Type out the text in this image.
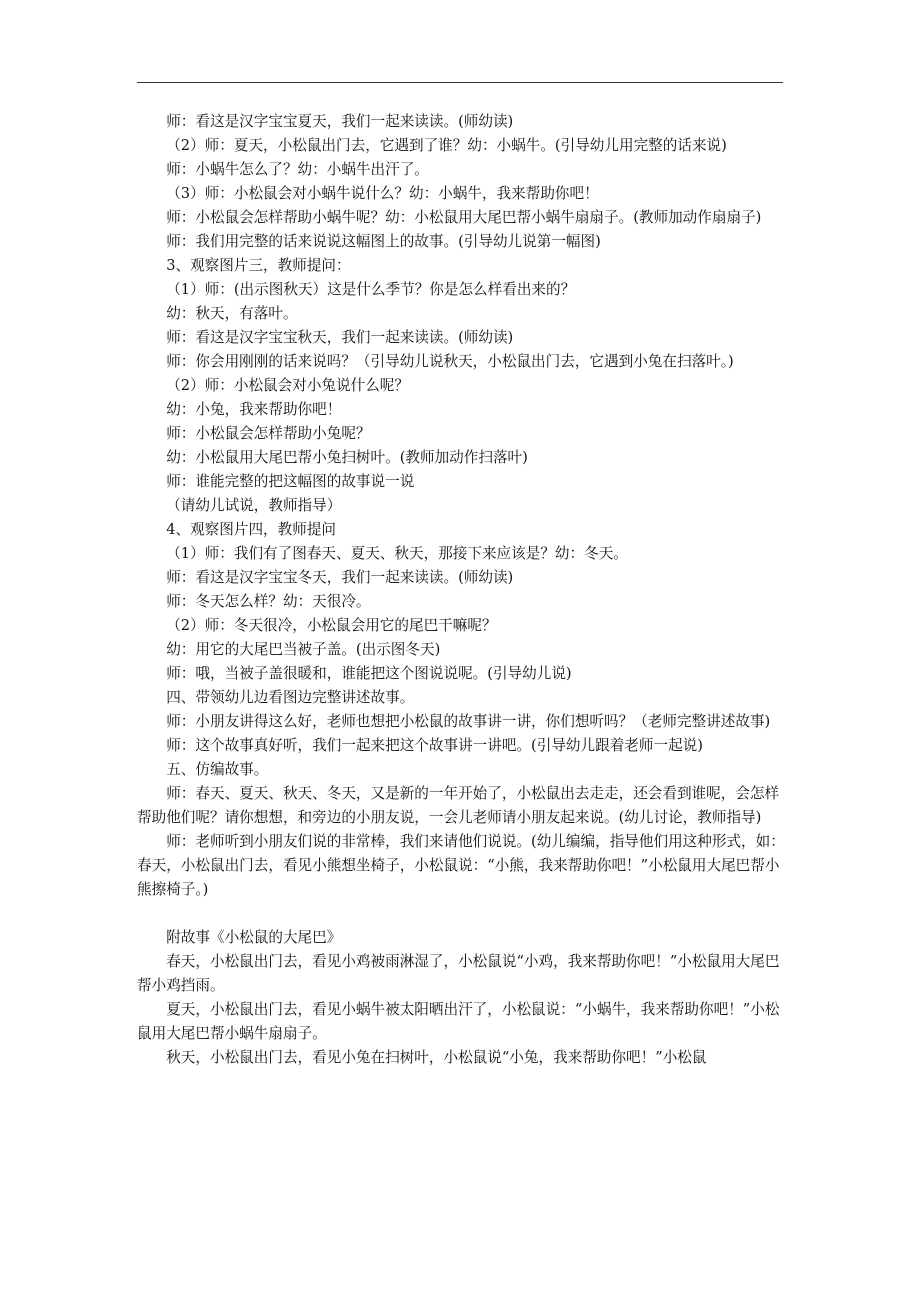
师：看这是汉字宝宝夏天，我们一起来读读。(师幼读)

（2）师：夏天，小松鼠出门去，它遇到了谁？幼：小蜗牛。(引导幼儿用完整的话来说)

师：小蜗牛怎么了？幼：小蜗牛出汗了。

（3）师：小松鼠会对小蜗牛说什么？幼：小蜗牛，我来帮助你吧！

师：小松鼠会怎样帮助小蜗牛呢？幼：小松鼠用大尾巴帮小蜗牛扇扇子。(教师加动作扇扇子)

师：我们用完整的话来说说这幅图上的故事。(引导幼儿说第一幅图)

3、观察图片三，教师提问：

（1）师：(出示图秋天）这是什么季节？你是怎么样看出来的？

幼：秋天，有落叶。

师：看这是汉字宝宝秋天，我们一起来读读。(师幼读)

师：你会用刚刚的话来说吗？（引导幼儿说秋天，小松鼠出门去，它遇到小兔在扫落叶。)

（2）师：小松鼠会对小兔说什么呢？

幼：小兔，我来帮助你吧！

师：小松鼠会怎样帮助小兔呢？

幼：小松鼠用大尾巴帮小兔扫树叶。(教师加动作扫落叶)

师：谁能完整的把这幅图的故事说一说

（请幼儿试说，教师指导）

4、观察图片四，教师提问

（1）师：我们有了图春天、夏天、秋天，那接下来应该是？幼：冬天。

师：看这是汉字宝宝冬天，我们一起来读读。(师幼读)

师：冬天怎么样？幼：天很冷。

（2）师：冬天很冷，小松鼠会用它的尾巴干嘛呢？

幼：用它的大尾巴当被子盖。(出示图冬天)

师：哦，当被子盖很暖和，谁能把这个图说说呢。(引导幼儿说)

四、带领幼儿边看图边完整讲述故事。

师：小朋友讲得这么好，老师也想把小松鼠的故事讲一讲，你们想听吗？（老师完整讲述故事)

师：这个故事真好听，我们一起来把这个故事讲一讲吧。(引导幼儿跟着老师一起说)

五、仿编故事。

师：春天、夏天、秋天、冬天，又是新的一年开始了，小松鼠出去走走，还会看到谁呢，会怎样帮助他们呢？请你想想，和旁边的小朋友说，一会儿老师请小朋友起来说。(幼儿讨论，教师指导)

师：老师听到小朋友们说的非常棒，我们来请他们说说。(幼儿编编，指导他们用这种形式，如：春天，小松鼠出门去，看见小熊想坐椅子，小松鼠说：“小熊，我来帮助你吧！”小松鼠用大尾巴帮小熊擦椅子。)

附故事《小松鼠的大尾巴》

春天，小松鼠出门去，看见小鸡被雨淋湿了，小松鼠说“小鸡，我来帮助你吧！”小松鼠用大尾巴帮小鸡挡雨。

夏天，小松鼠出门去，看见小蜗牛被太阳晒出汗了，小松鼠说：“小蜗牛，我来帮助你吧！”小松鼠用大尾巴帮小蜗牛扇扇子。

秋天，小松鼠出门去，看见小兔在扫树叶，小松鼠说“小兔，我来帮助你吧！”小松鼠
